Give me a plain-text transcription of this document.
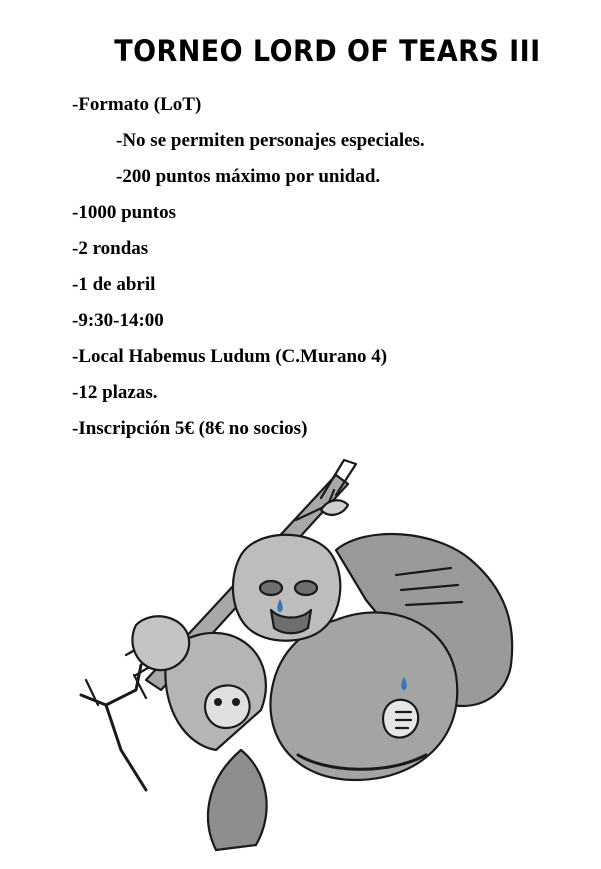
TORNEO LORD OF TEARS III
-Formato (LoT)
-No se permiten personajes especiales.
-200 puntos máximo por unidad.
-1000 puntos
-2 rondas
-1 de abril
-9:30-14:00
-Local Habemus Ludum (C.Murano 4)
-12 plazas.
-Inscripción 5€ (8€ no socios)
